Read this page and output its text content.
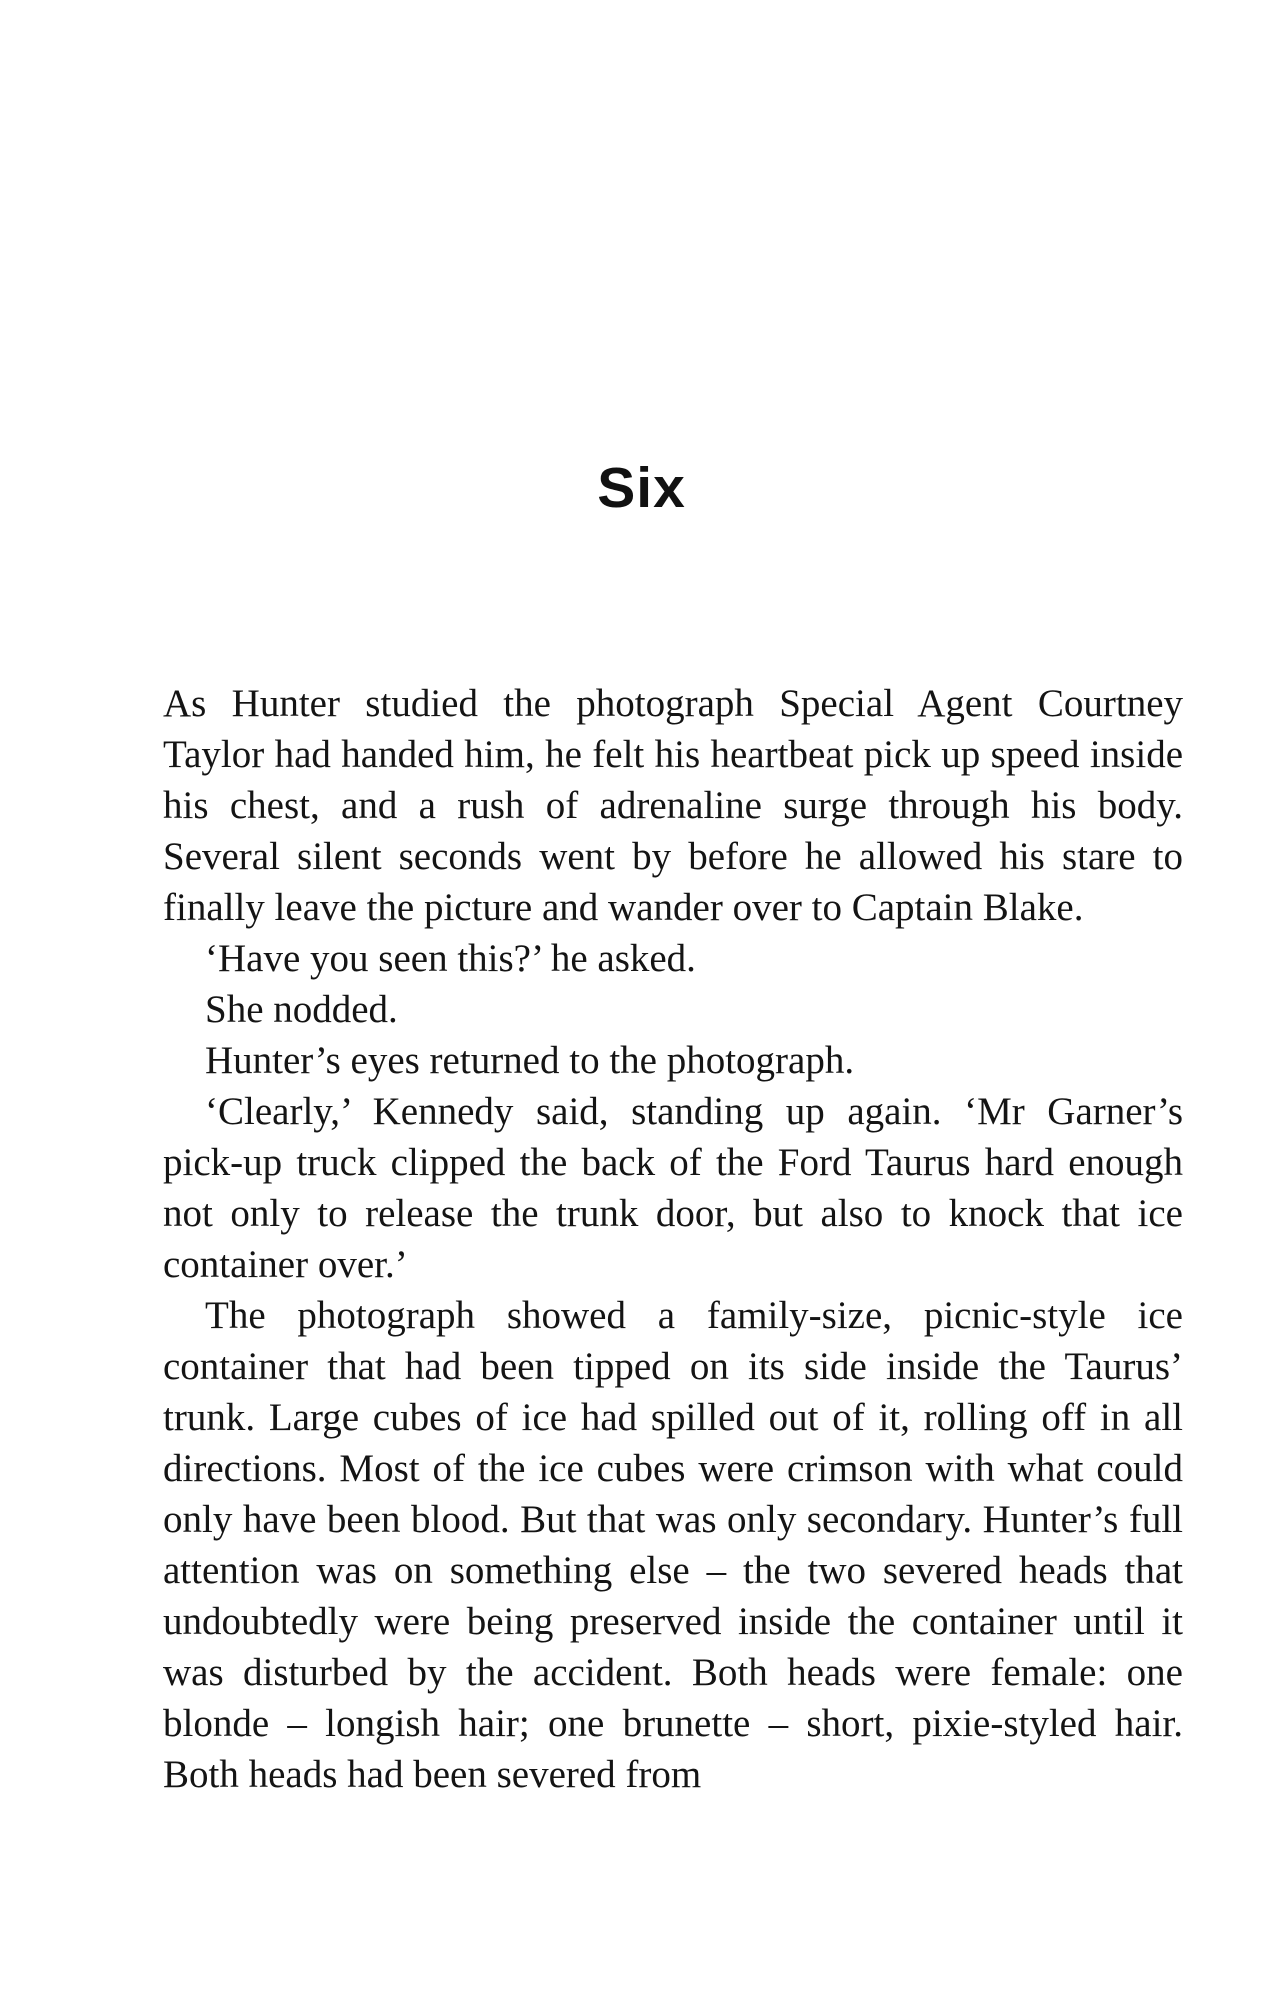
Six

As Hunter studied the photograph Special Agent Courtney Taylor had handed him, he felt his heartbeat pick up speed inside his chest, and a rush of adrenaline surge through his body. Several silent seconds went by before he allowed his stare to finally leave the picture and wander over to Captain Blake.

‘Have you seen this?’ he asked.

She nodded.

Hunter’s eyes returned to the photograph.

‘Clearly,’ Kennedy said, standing up again. ‘Mr Garner’s pick-up truck clipped the back of the Ford Taurus hard enough not only to release the trunk door, but also to knock that ice container over.’

The photograph showed a family-size, picnic-style ice container that had been tipped on its side inside the Taurus’ trunk. Large cubes of ice had spilled out of it, rolling off in all directions. Most of the ice cubes were crimson with what could only have been blood. But that was only secondary. Hunter’s full attention was on something else – the two severed heads that undoubtedly were being preserved inside the container until it was disturbed by the accident. Both heads were female: one blonde – longish hair; one brunette – short, pixie-styled hair. Both heads had been severed from
